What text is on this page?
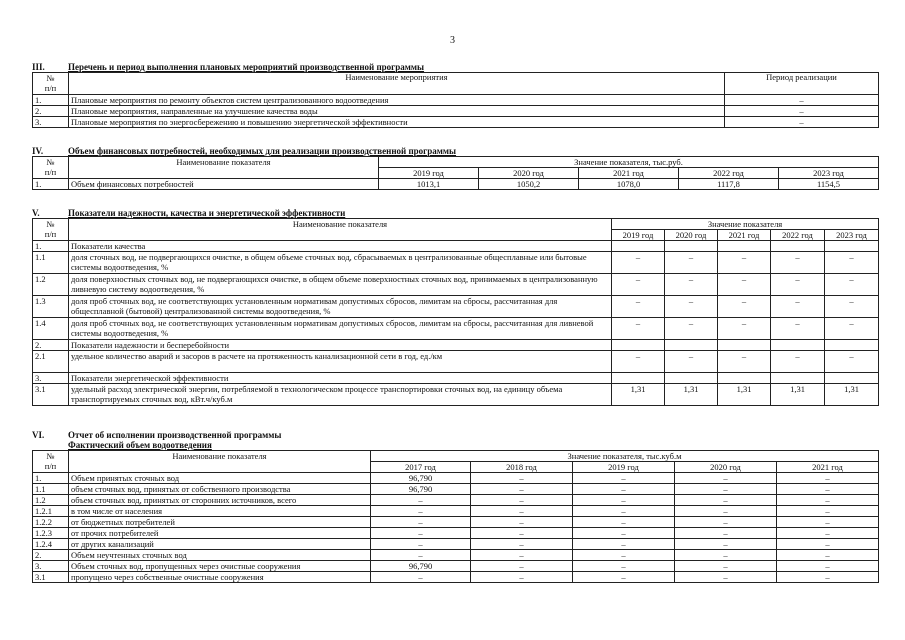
3
III.	Перечень и период выполнения плановых мероприятий производственной программы
№
п/п	Наименование мероприятия	Период реализации
1.	Плановые мероприятия по ремонту объектов систем централизованного водоотведения	–
2.	Плановые мероприятия, направленные на улучшение качества воды	–
3.	Плановые мероприятия по энергосбережению и повышению энергетической эффективности	–
IV.	Объем финансовых потребностей, необходимых для реализации производственной программы
№
п/п	Наименование показателя	Значение показателя, тыс.руб.				
		2019 год	2020 год	2021 год	2022 год	2023 год
1.	Объем финансовых потребностей	1013,1	1050,2	1078,0	1117,8	1154,5
V.	Показатели надежности, качества и энергетической эффективности
№
п/п	Наименование показателя	Значение показателя				
		2019 год	2020 год	2021 год	2022 год	2023 год
1.	Показатели качества					
1.1	доля сточных вод, не подвергающихся очистке, в общем объеме сточных вод, сбрасываемых в централизованные общесплавные или бытовые системы водоотведения, %	–	–	–	–	–
1.2	доля поверхностных сточных вод, не подвергающихся очистке, в общем объеме поверхностных сточных вод, принимаемых в централизованную ливневую систему водоотведения, %	–	–	–	–	–
1.3	доля проб сточных вод, не соответствующих установленным нормативам допустимых сбросов, лимитам на сбросы, рассчитанная для общесплавной (бытовой) централизованной системы водоотведения, %	–	–	–	–	–
1.4	доля проб сточных вод, не соответствующих установленным нормативам допустимых сбросов, лимитам на сбросы, рассчитанная для ливневой системы водоотведения, %	–	–	–	–	–
2.	Показатели надежности и бесперебойности					
2.1	удельное количество аварий и засоров в расчете на протяженность канализационной сети в год, ед./км	–	–	–	–	–
3.	Показатели энергетической эффективности					
3.1	удельный расход электрической энергии, потребляемой в технологическом процессе транспортировки сточных вод, на единицу объема транспортируемых сточных вод, кВт.ч/куб.м	1,31	1,31	1,31	1,31	1,31
VI.	Отчет об исполнении производственной программы
Фактический объем водоотведения
№
п/п	Наименование показателя	Значение показателя, тыс.куб.м				
		2017 год	2018 год	2019 год	2020 год	2021 год
1.	Объем принятых сточных вод	96,790	–	–	–	–
1.1	объем сточных вод, принятых от собственного производства	96,790	–	–	–	–
1.2	объем сточных вод, принятых от сторонних источников, всего	–	–	–	–	–
1.2.1	в том числе от населения	–	–	–	–	–
1.2.2	от бюджетных потребителей	–	–	–	–	–
1.2.3	от прочих потребителей	–	–	–	–	–
1.2.4	от других канализаций	–	–	–	–	–
2.	Объем неучтенных сточных вод	–	–	–	–	–
3.	Объем сточных вод, пропущенных через очистные сооружения	96,790	–	–	–	–
3.1	пропущено через собственные очистные сооружения	–	–	–	–	–
